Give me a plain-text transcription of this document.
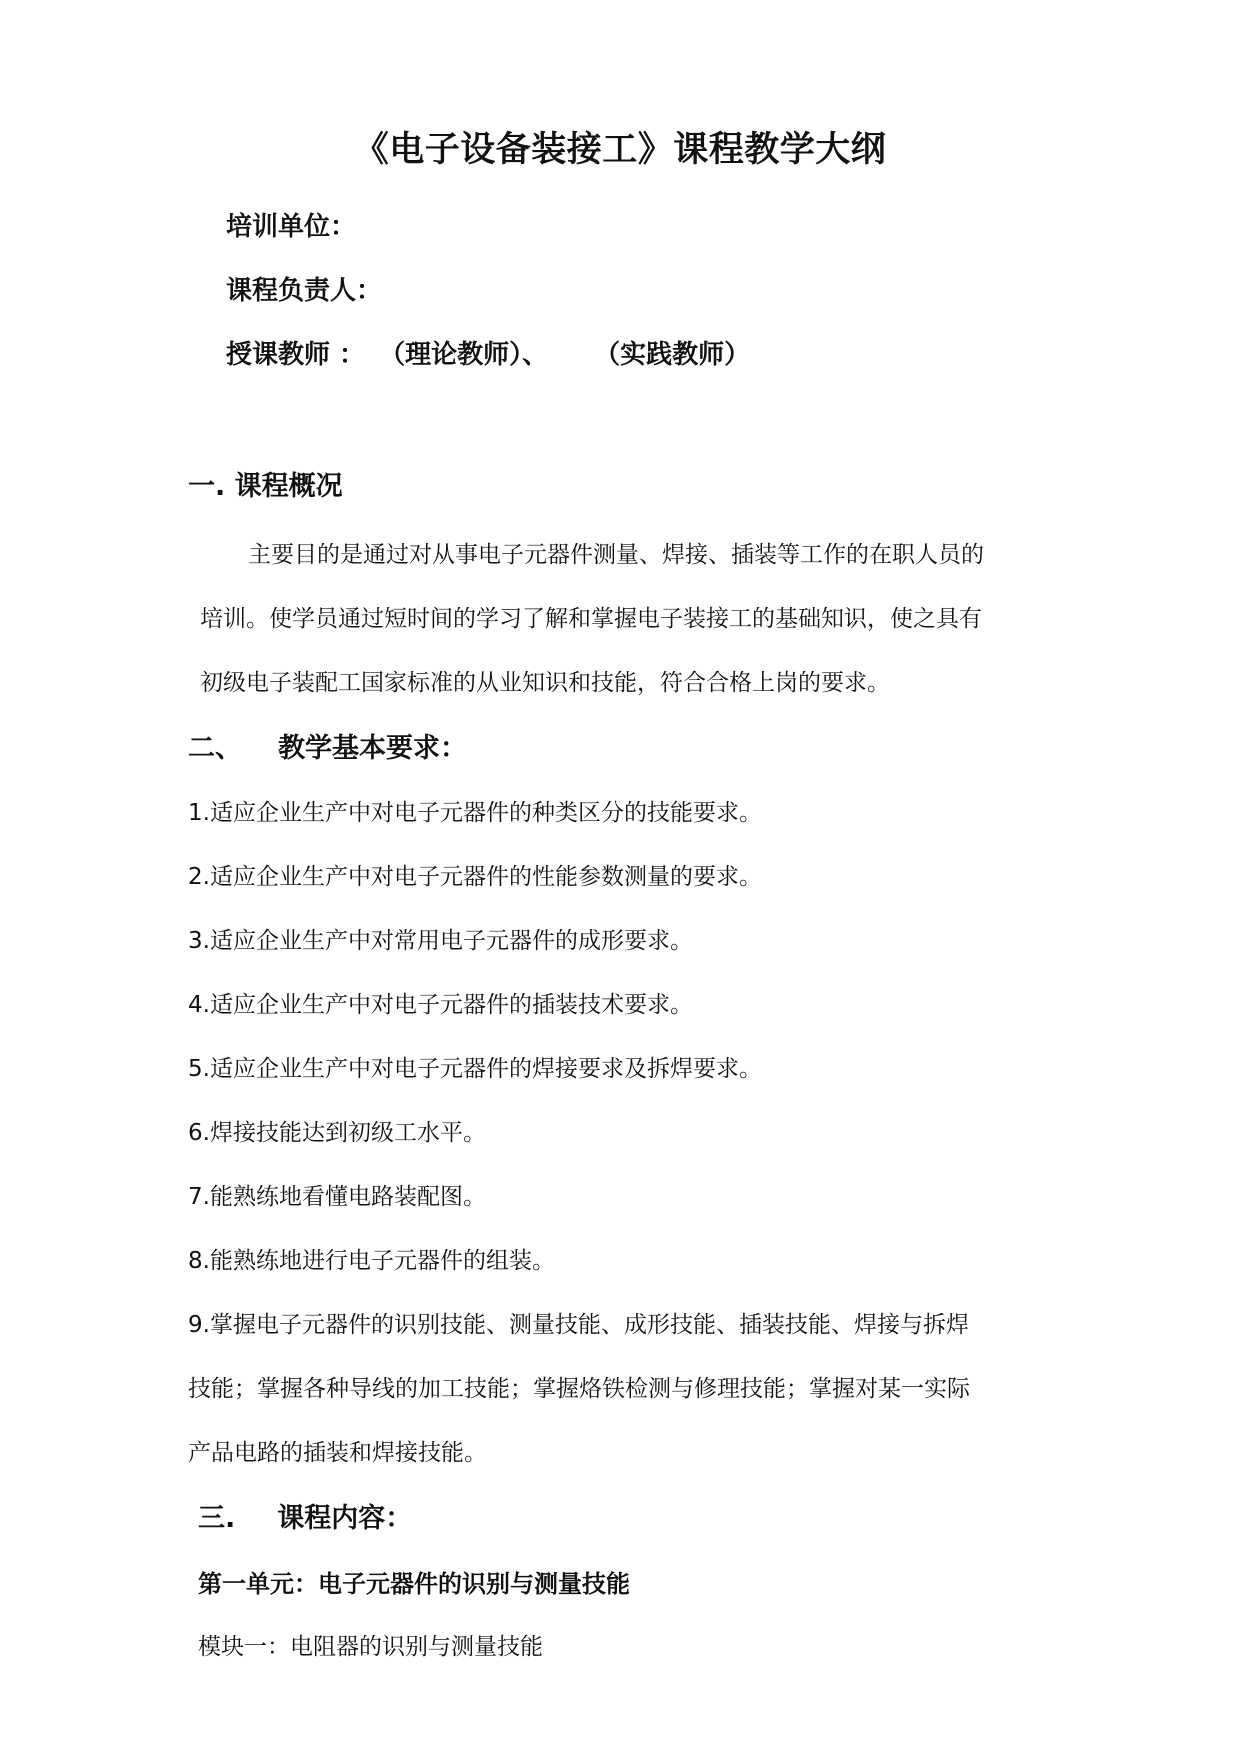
《电子设备装接工》课程教学大纲
培训单位：
课程负责人：
授课教师 ： （理论教师）、 （实践教师）
一. 课程概况
主要目的是通过对从事电子元器件测量、焊接、插装等工作的在职人员的
培训。使学员通过短时间的学习了解和掌握电子装接工的基础知识，使之具有
初级电子装配工国家标准的从业知识和技能，符合合格上岗的要求。
二、 教学基本要求：
1.适应企业生产中对电子元器件的种类区分的技能要求。
2.适应企业生产中对电子元器件的性能参数测量的要求。
3.适应企业生产中对常用电子元器件的成形要求。
4.适应企业生产中对电子元器件的插装技术要求。
5.适应企业生产中对电子元器件的焊接要求及拆焊要求。
6.焊接技能达到初级工水平。
7.能熟练地看懂电路装配图。
8.能熟练地进行电子元器件的组装。
9.掌握电子元器件的识别技能、测量技能、成形技能、插装技能、焊接与拆焊
技能；掌握各种导线的加工技能；掌握烙铁检测与修理技能；掌握对某一实际
产品电路的插装和焊接技能。
三. 课程内容：
第一单元：电子元器件的识别与测量技能
模块一：电阻器的识别与测量技能
